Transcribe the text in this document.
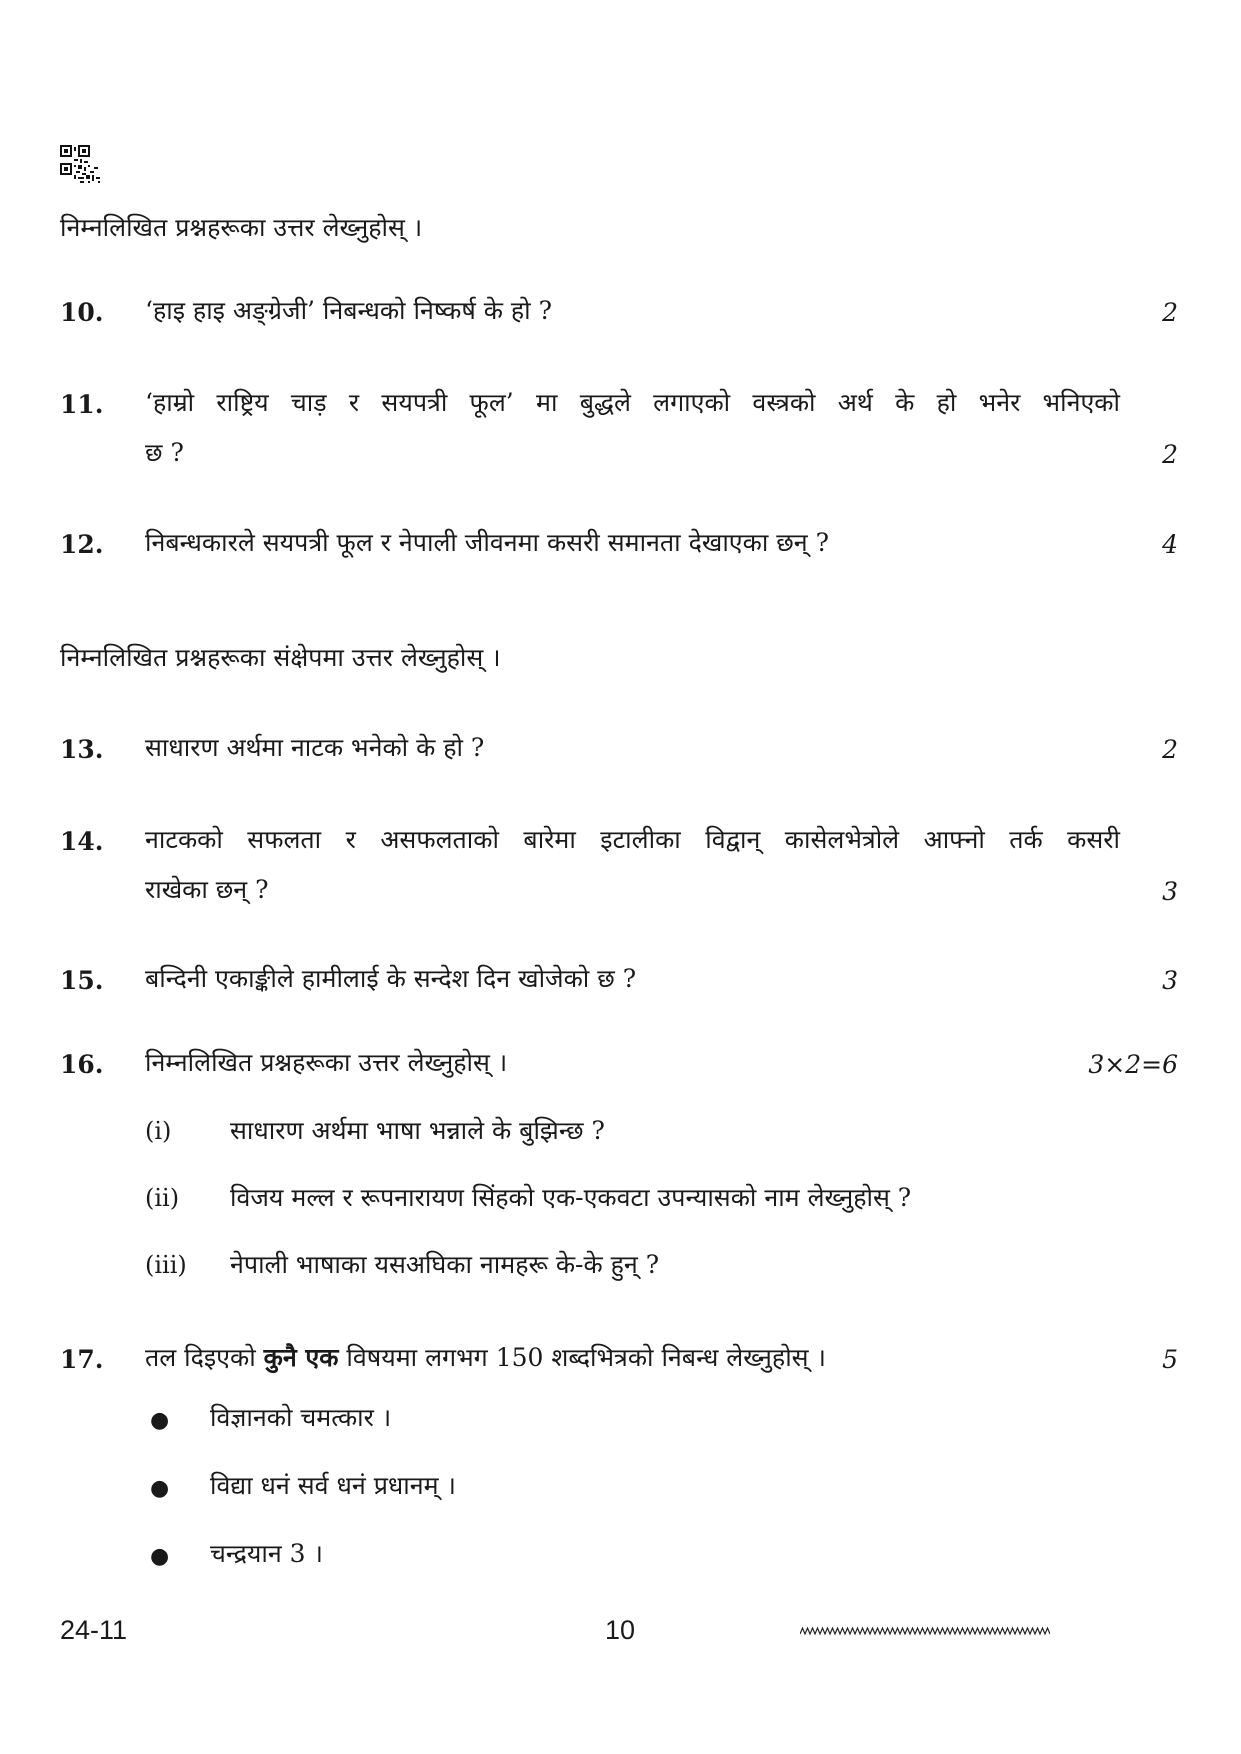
निम्नलिखित प्रश्नहरूका उत्तर लेख्नुहोस् ।
10. ‘हाइ हाइ अङ्ग्रेजी’ निबन्धको निष्कर्ष के हो ?	2
11. ‘हाम्रो राष्ट्रिय चाड़ र सयपत्री फूल’ मा बुद्धले लगाएको वस्त्रको अर्थ के हो भनेर भनिएको
छ ?	2
12. निबन्धकारले सयपत्री फूल र नेपाली जीवनमा कसरी समानता देखाएका छन् ?	4
निम्नलिखित प्रश्नहरूका संक्षेपमा उत्तर लेख्नुहोस् ।
13. साधारण अर्थमा नाटक भनेको के हो ?	2
14. नाटकको सफलता र असफलताको बारेमा इटालीका विद्वान् कासेलभेत्रोले आफ्नो तर्क कसरी
राखेका छन् ?	3
15. बन्दिनी एकाङ्कीले हामीलाई के सन्देश दिन खोजेको छ ?	3
16. निम्नलिखित प्रश्नहरूका उत्तर लेख्नुहोस् ।	3×2=6
(i) साधारण अर्थमा भाषा भन्नाले के बुझिन्छ ?
(ii) विजय मल्ल र रूपनारायण सिंहको एक-एकवटा उपन्यासको नाम लेख्नुहोस् ?
(iii) नेपाली भाषाका यसअघिका नामहरू के-के हुन् ?
17. तल दिइएको कुनै एक विषयमा लगभग 150 शब्दभित्रको निबन्ध लेख्नुहोस् ।	5
● विज्ञानको चमत्कार ।
● विद्या धनं सर्व धनं प्रधानम् ।
● चन्द्रयान 3 ।
24-11	10
